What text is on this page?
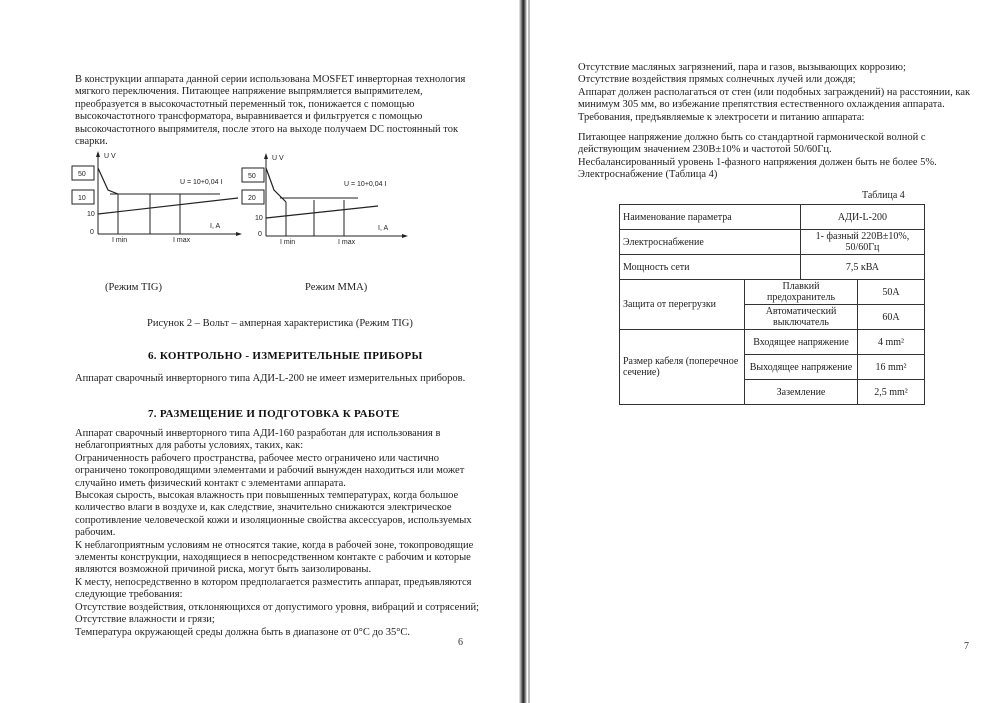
В конструкции аппарата данной серии использована MOSFET инверторная технология
мягкого переключения. Питающее напряжение выпрямляется выпрямителем,
преобразуется в высокочастотный переменный ток, понижается с помощью
высокочастотного трансформатора, выравнивается и фильтруется с помощью
высокочастотного выпрямителя, после этого на выходе получаем DC постоянный ток
сварки.
U V
50
10
10
0
U = 10+0,04 I
I, A
I min	I max
U V
50
20
10
0
U = 10+0,04 I
I, A
I min	I max
(Режим TIG)	Режим MMA)
Рисунок 2 – Вольт – амперная характеристика (Режим TIG)
6. КОНТРОЛЬНО - ИЗМЕРИТЕЛЬНЫЕ ПРИБОРЫ
Аппарат сварочный инверторного типа АДИ-L-200 не имеет измерительных приборов.
7. РАЗМЕЩЕНИЕ И ПОДГОТОВКА К РАБОТЕ
Аппарат сварочный инверторного типа АДИ-160 разработан для использования в
неблагоприятных для работы условиях, таких, как:
Ограниченность рабочего пространства, рабочее место ограничено или частично
ограничено токопроводящими элементами и рабочий вынужден находиться или может
случайно иметь физический контакт с элементами аппарата.
Высокая сырость, высокая влажность при повышенных температурах, когда большое
количество влаги в воздухе и, как следствие, значительно снижаются электрическое
сопротивление человеческой кожи и изоляционные свойства аксессуаров, используемых
рабочим.
К неблагоприятным условиям не относятся такие, когда в рабочей зоне, токопроводящие
элементы конструкции, находящиеся в непосредственном контакте с рабочим и которые
являются возможной причиной риска, могут быть заизолированы.
К месту, непосредственно в котором предполагается разместить аппарат, предъявляются
следующие требования:
Отсутствие воздействия, отклоняющихся от допустимого уровня, вибраций и сотрясений;
Отсутствие влажности и грязи;
Температура окружающей среды должна быть в диапазоне от 0°С до 35°С.
6
Отсутствие масляных загрязнений, пара и газов, вызывающих коррозию;
Отсутствие воздействия прямых солнечных лучей или дождя;
Аппарат должен располагаться от стен (или подобных заграждений) на расстоянии, как
минимум 305 мм, во избежание препятствия естественного охлаждения аппарата.
Требования, предъявляемые к электросети и питанию аппарата:
Питающее напряжение должно быть со стандартной гармонической волной с
действующим значением 230В±10% и частотой 50/60Гц.
Несбалансированный уровень 1-фазного напряжения должен быть не более 5%.
Электроснабжение (Таблица 4)
Таблица 4
Наименование параметра		АДИ-L-200	
Электроснабжение		1- фазный 220В±10%, 50/60Гц	
Мощность сети		7,5 кВА	
Защита от перегрузки	Плавкий предохранитель		50А
	Автоматический выключатель		60А
Размер кабеля (поперечное сечение)	Входящее напряжение		4 mm²
	Выходящее напряжение		16 mm²
	Заземление		2,5 mm²
7
